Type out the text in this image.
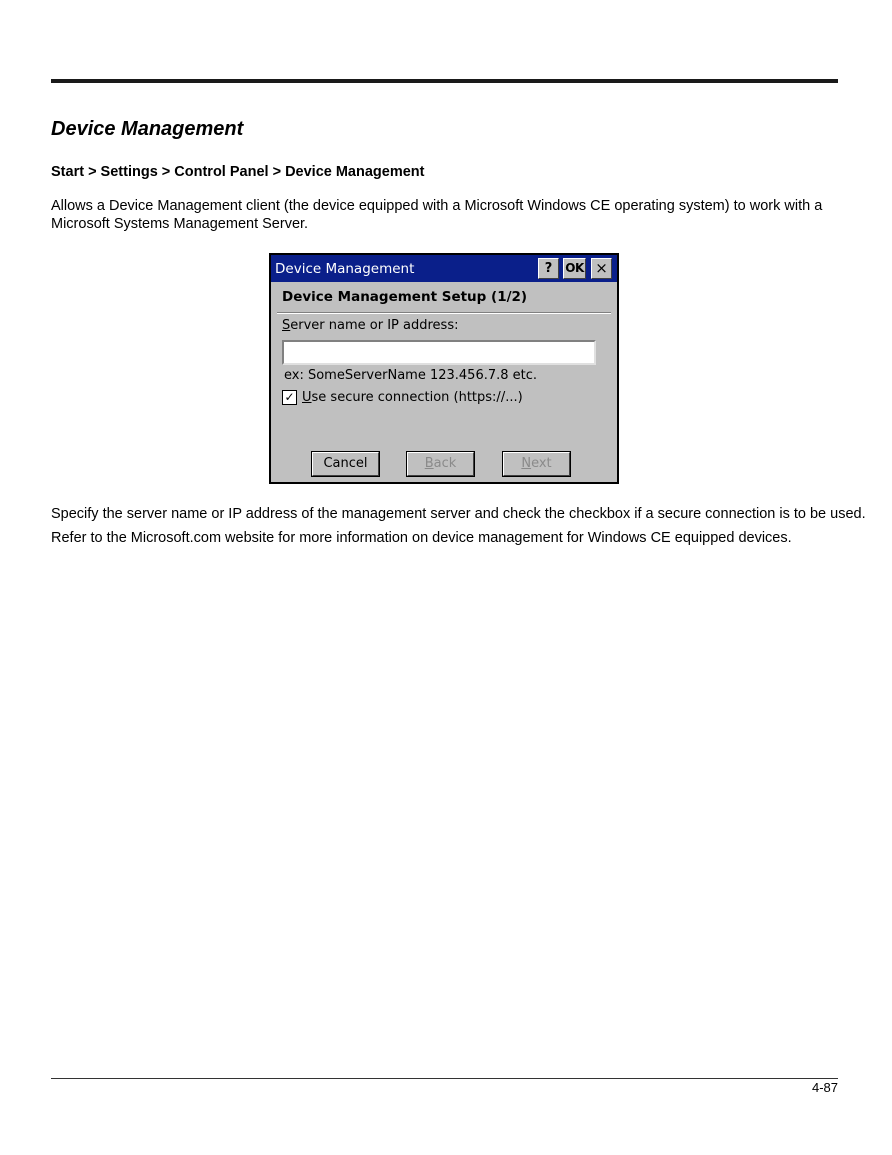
Device Management
Start > Settings > Control Panel > Device Management

Allows a Device Management client (the device equipped with a Microsoft Windows CE operating system) to work with a Microsoft Systems Management Server.

Device Management	?	OK ×
Device Management Setup (1/2)
Server name or IP address:
ex: SomeServerName 123.456.7.8 etc.
✓ Use secure connection (https://...)
Cancel	Back	Next

Specify the server name or IP address of the management server and check the checkbox if a secure connection is to be used.

Refer to the Microsoft.com website for more information on device management for Windows CE equipped devices.

4-87
